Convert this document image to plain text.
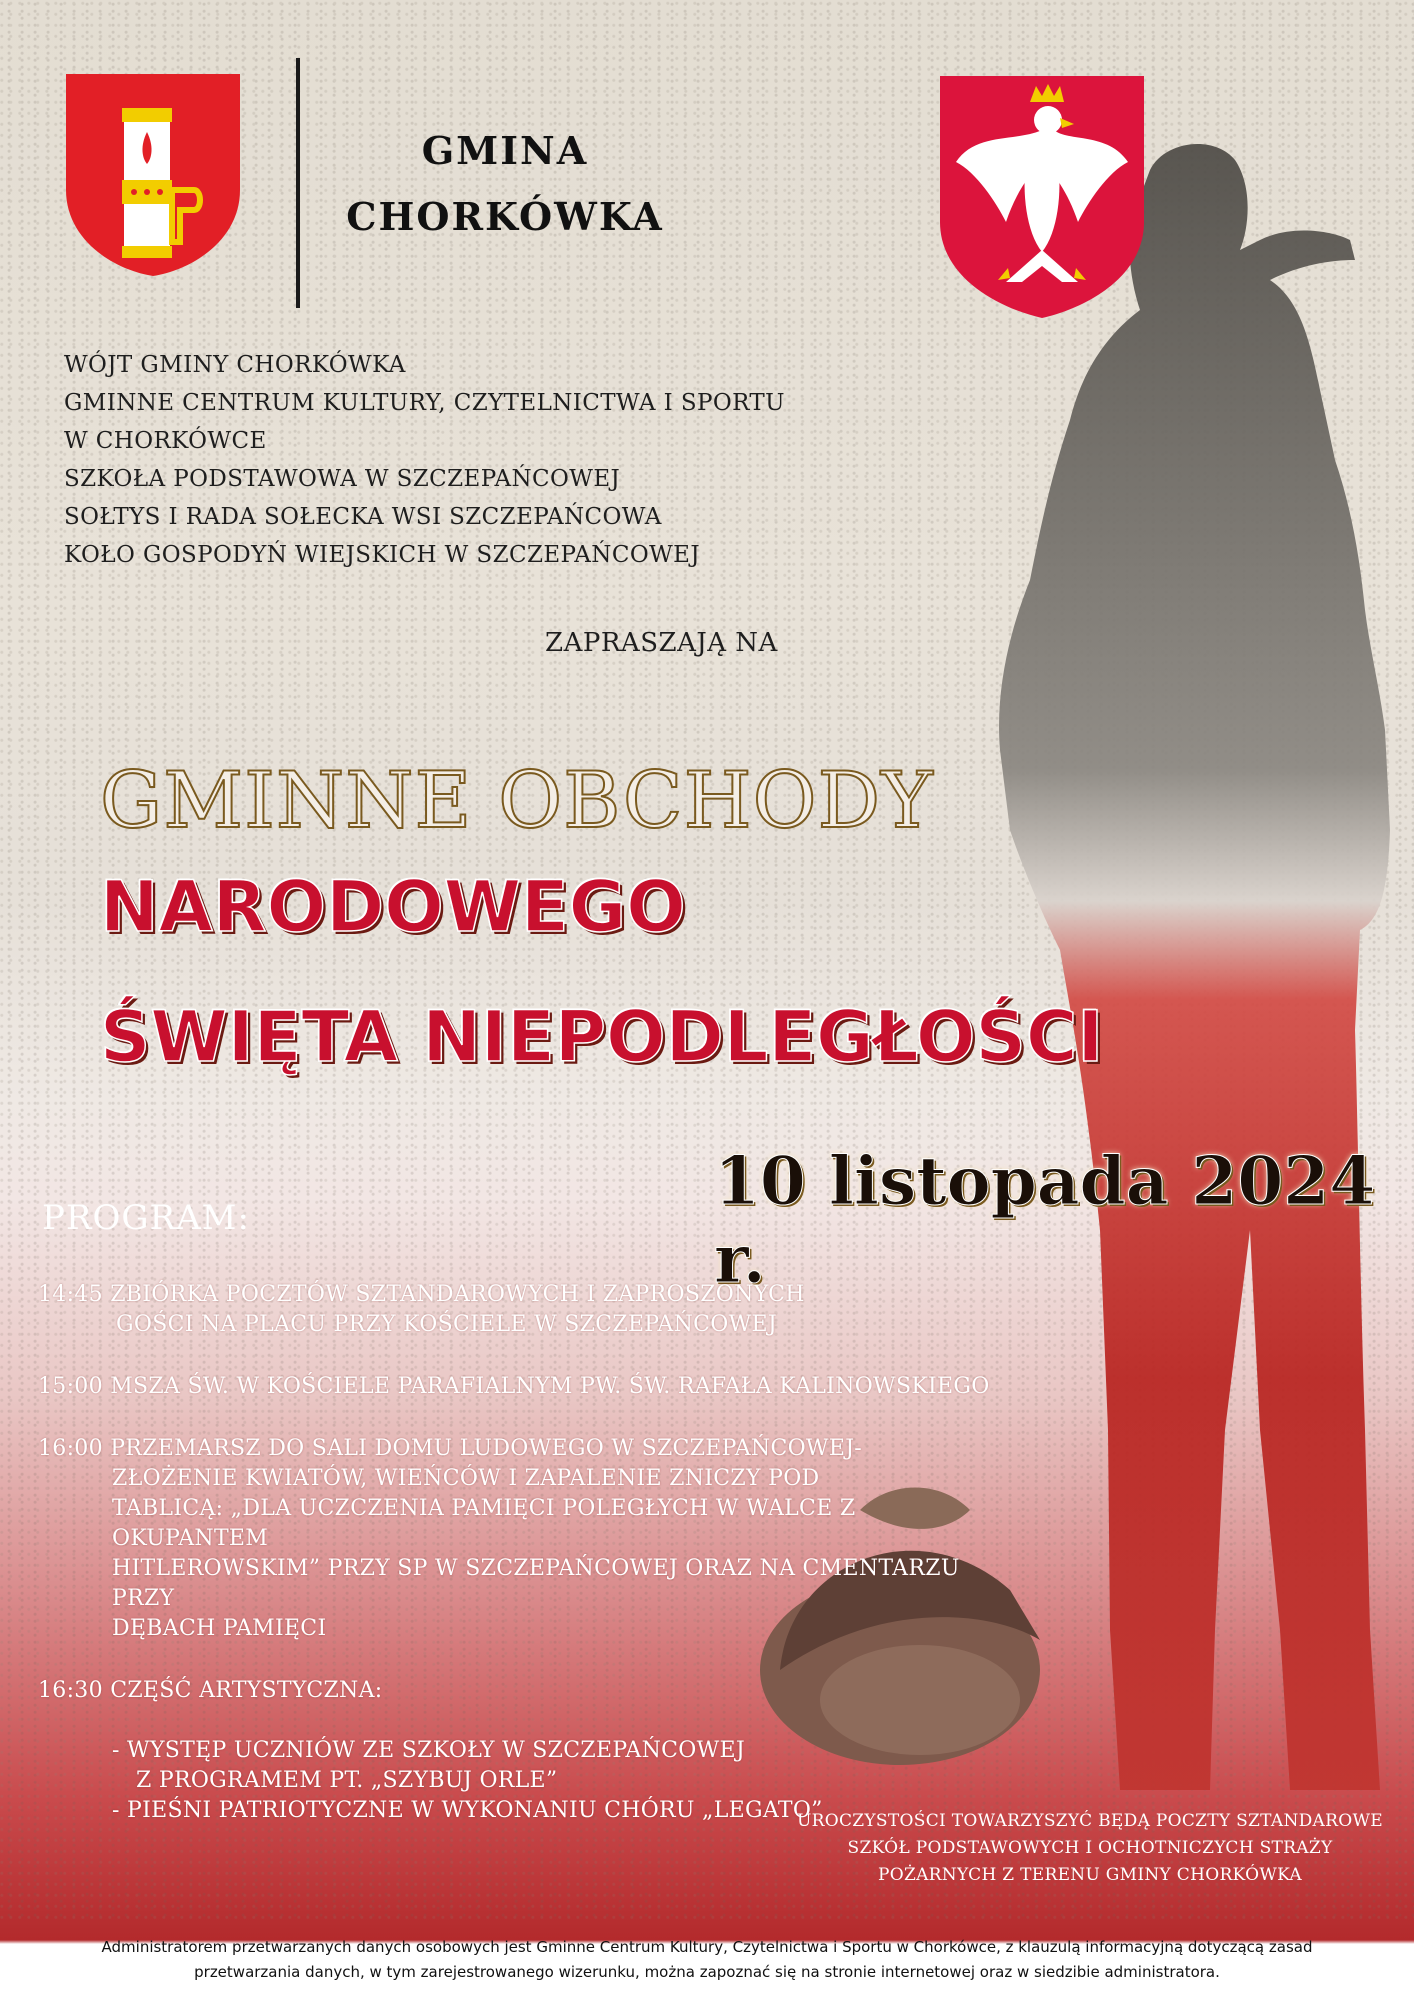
GMINA
CHORKÓWKA
WÓJT GMINY CHORKÓWKA
GMINNE CENTRUM KULTURY, CZYTELNICTWA I SPORTU
W CHORKÓWCE
SZKOŁA PODSTAWOWA W SZCZEPAŃCOWEJ
SOŁTYS I RADA SOŁECKA WSI SZCZEPAŃCOWA
KOŁO GOSPODYŃ WIEJSKICH W SZCZEPAŃCOWEJ
ZAPRASZAJĄ NA
GMINNE OBCHODY
NARODOWEGO
ŚWIĘTA NIEPODLEGŁOŚCI
10 listopada 2024 r.
PROGRAM:
14:45 ZBIÓRKA POCZTÓW SZTANDAROWYCH I ZAPROSZONYCH
GOŚCI NA PLACU PRZY KOŚCIELE W SZCZEPAŃCOWEJ
15:00 MSZA ŚW. W KOŚCIELE PARAFIALNYM PW. ŚW. RAFAŁA KALINOWSKIEGO
16:00 PRZEMARSZ DO SALI DOMU LUDOWEGO W SZCZEPAŃCOWEJ-
ZŁOŻENIE KWIATÓW, WIEŃCÓW I ZAPALENIE ZNICZY POD
TABLICĄ: „DLA UCZCZENIA PAMIĘCI POLEGŁYCH W WALCE Z OKUPANTEM
HITLEROWSKIM” PRZY SP W SZCZEPAŃCOWEJ ORAZ NA CMENTARZU PRZY
DĘBACH PAMIĘCI
16:30 CZĘŚĆ ARTYSTYCZNA:

- WYSTĘP UCZNIÓW ZE SZKOŁY W SZCZEPAŃCOWEJ
Z PROGRAMEM PT. „SZYBUJ ORLE”
- PIEŚNI PATRIOTYCZNE W WYKONANIU CHÓRU „LEGATO”
UROCZYSTOŚCI TOWARZYSZYĆ BĘDĄ POCZTY SZTANDAROWE
SZKÓŁ PODSTAWOWYCH I OCHOTNICZYCH STRAŻY
POŻARNYCH Z TERENU GMINY CHORKÓWKA
Administratorem przetwarzanych danych osobowych jest Gminne Centrum Kultury, Czytelnictwa i Sportu w Chorkówce, z klauzulą informacyjną dotyczącą zasad
przetwarzania danych, w tym zarejestrowanego wizerunku, można zapoznać się na stronie internetowej oraz w siedzibie administratora.
